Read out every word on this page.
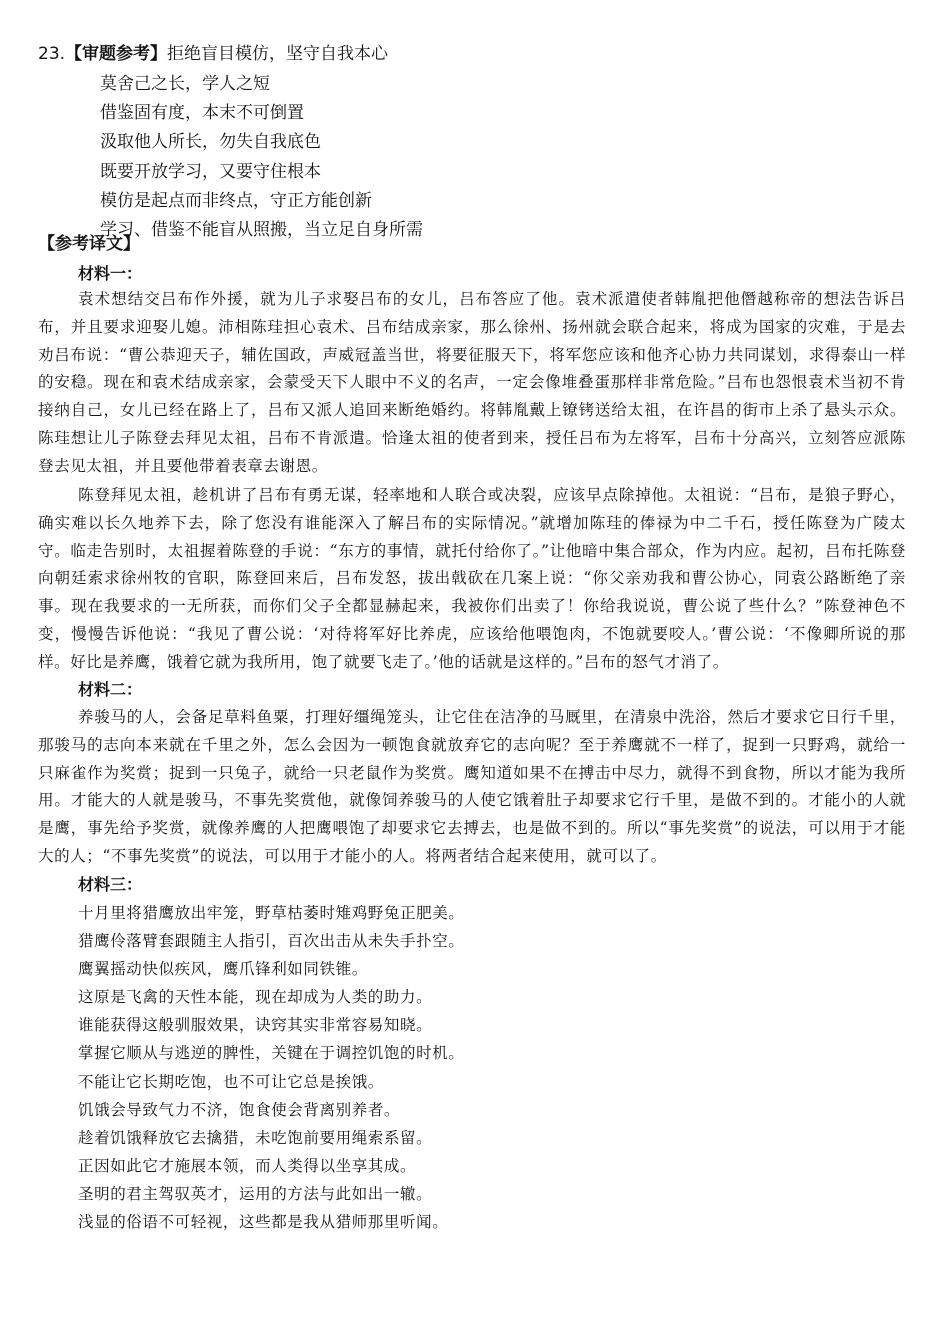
23.【审题参考】拒绝盲目模仿，坚守自我本心
莫舍己之长，学人之短
借鉴固有度，本末不可倒置
汲取他人所长，勿失自我底色
既要开放学习，又要守住根本
模仿是起点而非终点，守正方能创新
学习、借鉴不能盲从照搬，当立足自身所需
【参考译文】
材料一：

袁术想结交吕布作外援，就为儿子求娶吕布的女儿，吕布答应了他。袁术派遣使者韩胤把他僭越称帝的想法告诉吕布，并且要求迎娶儿媳。沛相陈珪担心袁术、吕布结成亲家，那么徐州、扬州就会联合起来，将成为国家的灾难，于是去劝吕布说：“曹公恭迎天子，辅佐国政，声威冠盖当世，将要征服天下，将军您应该和他齐心协力共同谋划，求得泰山一样的安稳。现在和袁术结成亲家，会蒙受天下人眼中不义的名声，一定会像堆叠蛋那样非常危险。”吕布也怨恨袁术当初不肯接纳自己，女儿已经在路上了，吕布又派人追回来断绝婚约。将韩胤戴上镣铐送给太祖，在许昌的街市上杀了悬头示众。陈珪想让儿子陈登去拜见太祖，吕布不肯派遣。恰逢太祖的使者到来，授任吕布为左将军，吕布十分高兴，立刻答应派陈登去见太祖，并且要他带着表章去谢恩。

陈登拜见太祖，趁机讲了吕布有勇无谋，轻率地和人联合或决裂，应该早点除掉他。太祖说：“吕布，是狼子野心，确实难以长久地养下去，除了您没有谁能深入了解吕布的实际情况。”就增加陈珪的俸禄为中二千石，授任陈登为广陵太守。临走告别时，太祖握着陈登的手说：“东方的事情，就托付给你了。”让他暗中集合部众，作为内应。起初，吕布托陈登向朝廷索求徐州牧的官职，陈登回来后，吕布发怒，拔出戟砍在几案上说：“你父亲劝我和曹公协心，同袁公路断绝了亲事。现在我要求的一无所获，而你们父子全都显赫起来，我被你们出卖了！你给我说说，曹公说了些什么？”陈登神色不变，慢慢告诉他说：“我见了曹公说：‘对待将军好比养虎，应该给他喂饱肉，不饱就要咬人。’曹公说：‘不像卿所说的那样。好比是养鹰，饿着它就为我所用，饱了就要飞走了。’他的话就是这样的。”吕布的怒气才消了。

材料二：

养骏马的人，会备足草料鱼粟，打理好缰绳笼头，让它住在洁净的马厩里，在清泉中洗浴，然后才要求它日行千里，那骏马的志向本来就在千里之外，怎么会因为一顿饱食就放弃它的志向呢？至于养鹰就不一样了，捉到一只野鸡，就给一只麻雀作为奖赏；捉到一只兔子，就给一只老鼠作为奖赏。鹰知道如果不在搏击中尽力，就得不到食物，所以才能为我所用。才能大的人就是骏马，不事先奖赏他，就像饲养骏马的人使它饿着肚子却要求它行千里，是做不到的。才能小的人就是鹰，事先给予奖赏，就像养鹰的人把鹰喂饱了却要求它去搏去，也是做不到的。所以“事先奖赏”的说法，可以用于才能大的人；“不事先奖赏”的说法，可以用于才能小的人。将两者结合起来使用，就可以了。

材料三：
十月里将猎鹰放出牢笼，野草枯萎时雉鸡野兔正肥美。
猎鹰伶落臂套跟随主人指引，百次出击从未失手扑空。
鹰翼摇动快似疾风，鹰爪锋利如同铁锥。
这原是飞禽的天性本能，现在却成为人类的助力。
谁能获得这般驯服效果，诀窍其实非常容易知晓。
掌握它顺从与逃逆的脾性，关键在于调控饥饱的时机。
不能让它长期吃饱，也不可让它总是挨饿。
饥饿会导致气力不济，饱食使会背离别养者。
趁着饥饿释放它去擒猎，未吃饱前要用绳索系留。
正因如此它才施展本领，而人类得以坐享其成。
圣明的君主驾驭英才，运用的方法与此如出一辙。
浅显的俗语不可轻视，这些都是我从猎师那里听闻。
